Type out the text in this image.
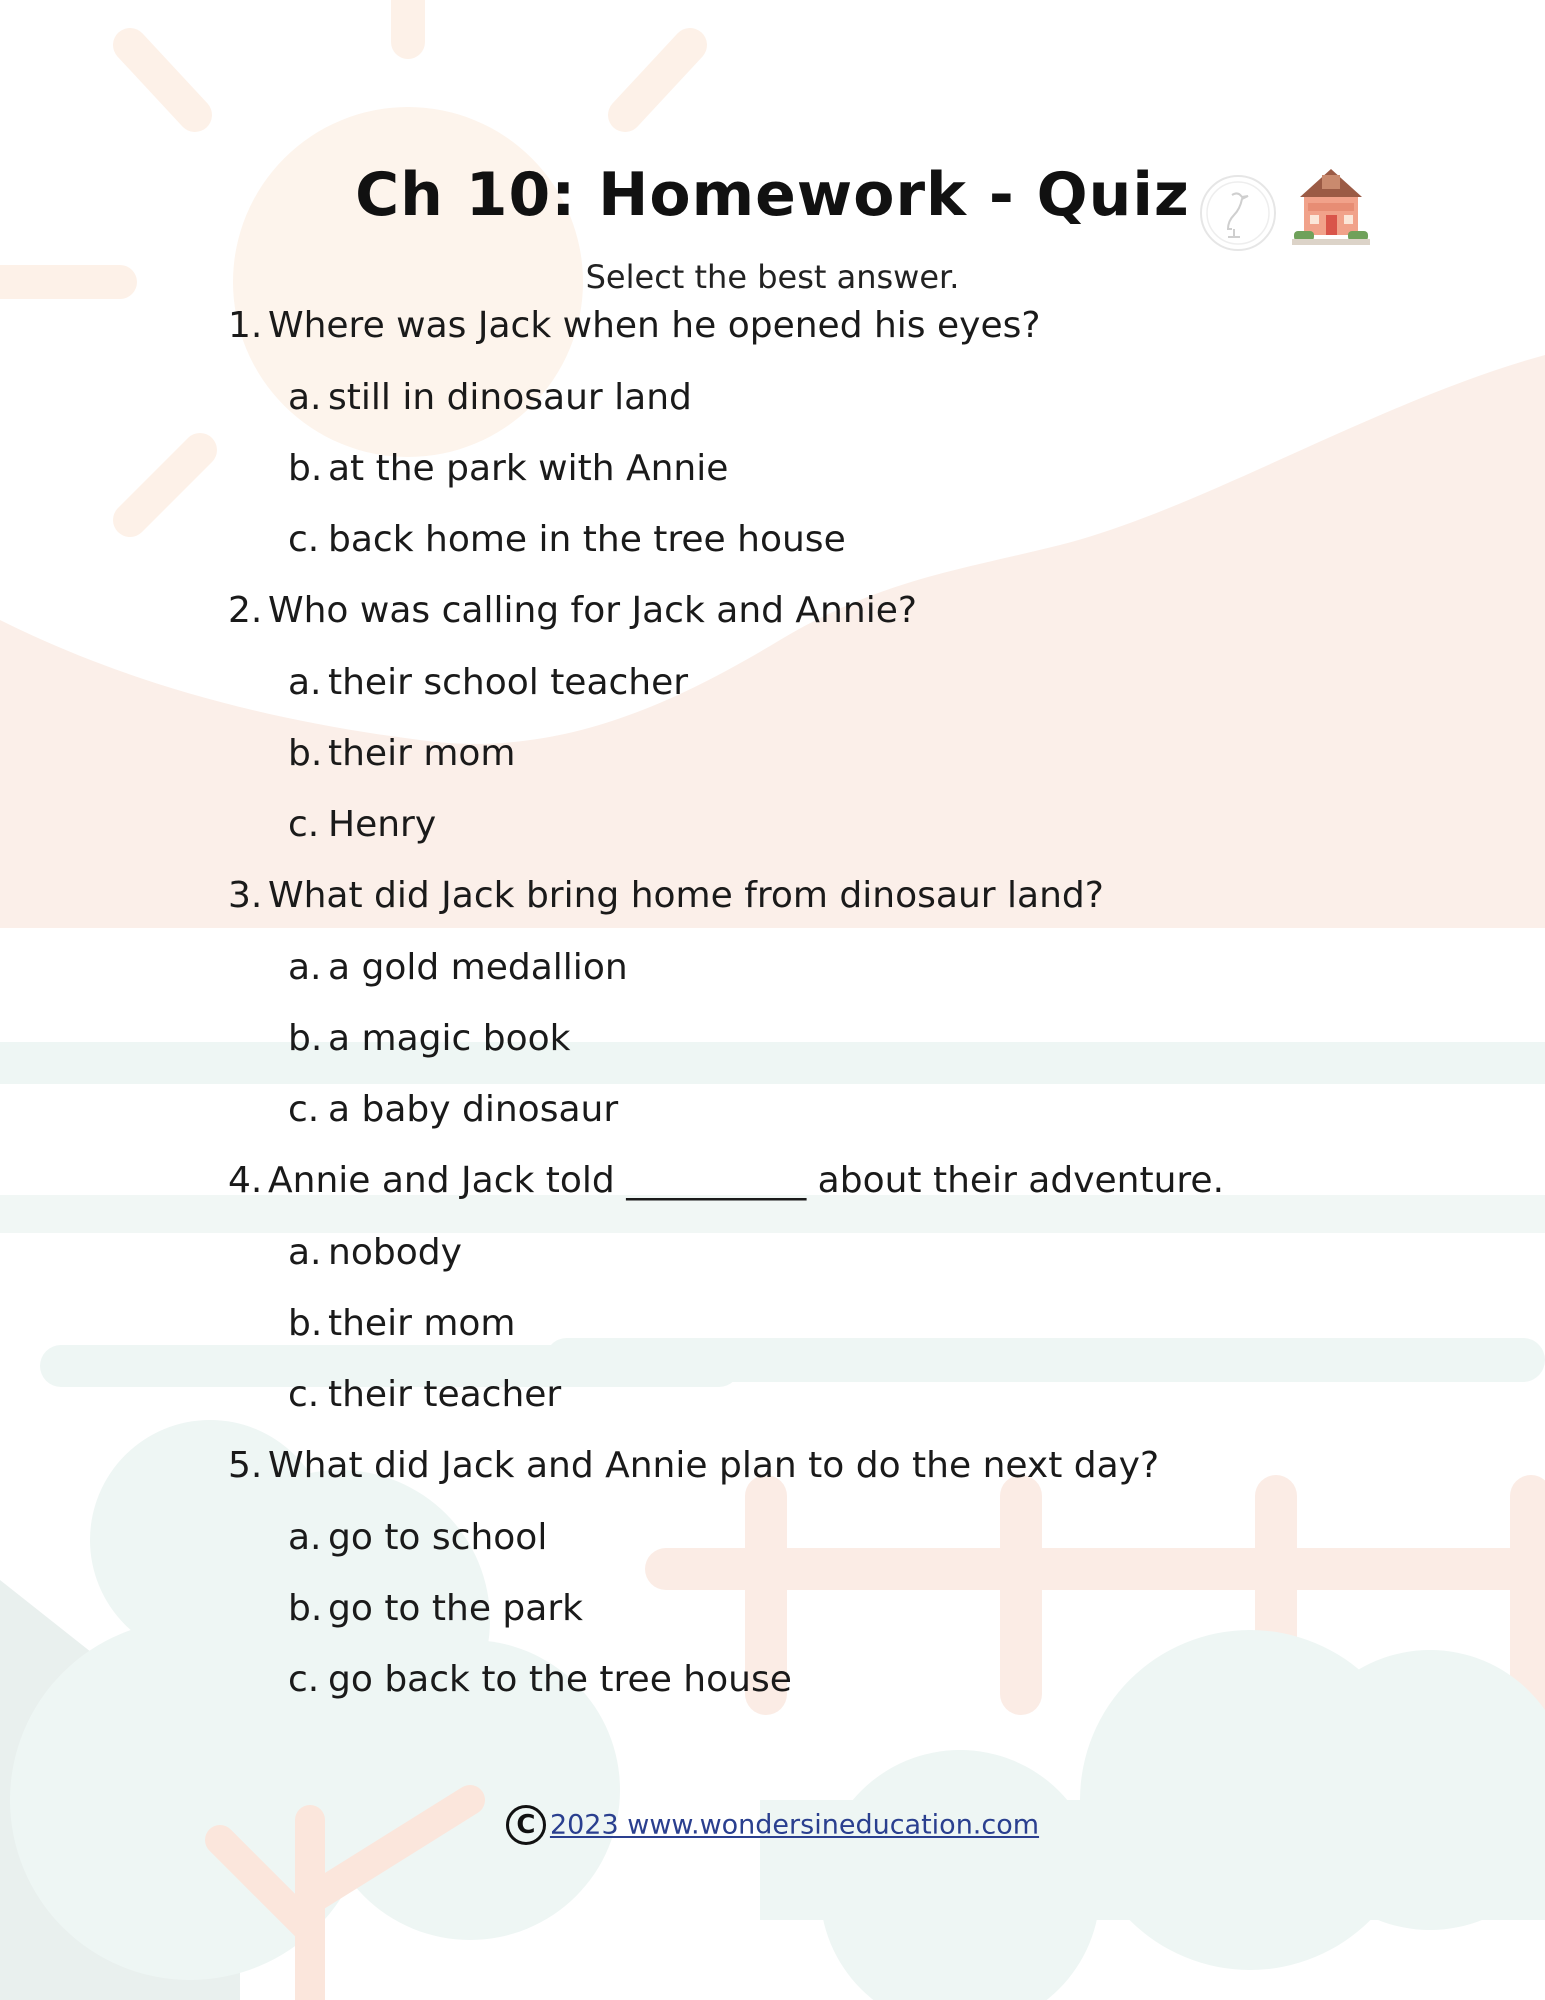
Ch 10: Homework - Quiz
Select the best answer.
1. Where was Jack when he opened his eyes?
a. still in dinosaur land
b. at the park with Annie
c. back home in the tree house
2. Who was calling for Jack and Annie?
a. their school teacher
b. their mom
c. Henry
3. What did Jack bring home from dinosaur land?
a. a gold medallion
b. a magic book
c. a baby dinosaur
4. Annie and Jack told __________ about their adventure.
a. nobody
b. their mom
c. their teacher
5. What did Jack and Annie plan to do the next day?
a. go to school
b. go to the park
c. go back to the tree house
C 2023 www.wondersineducation.com
